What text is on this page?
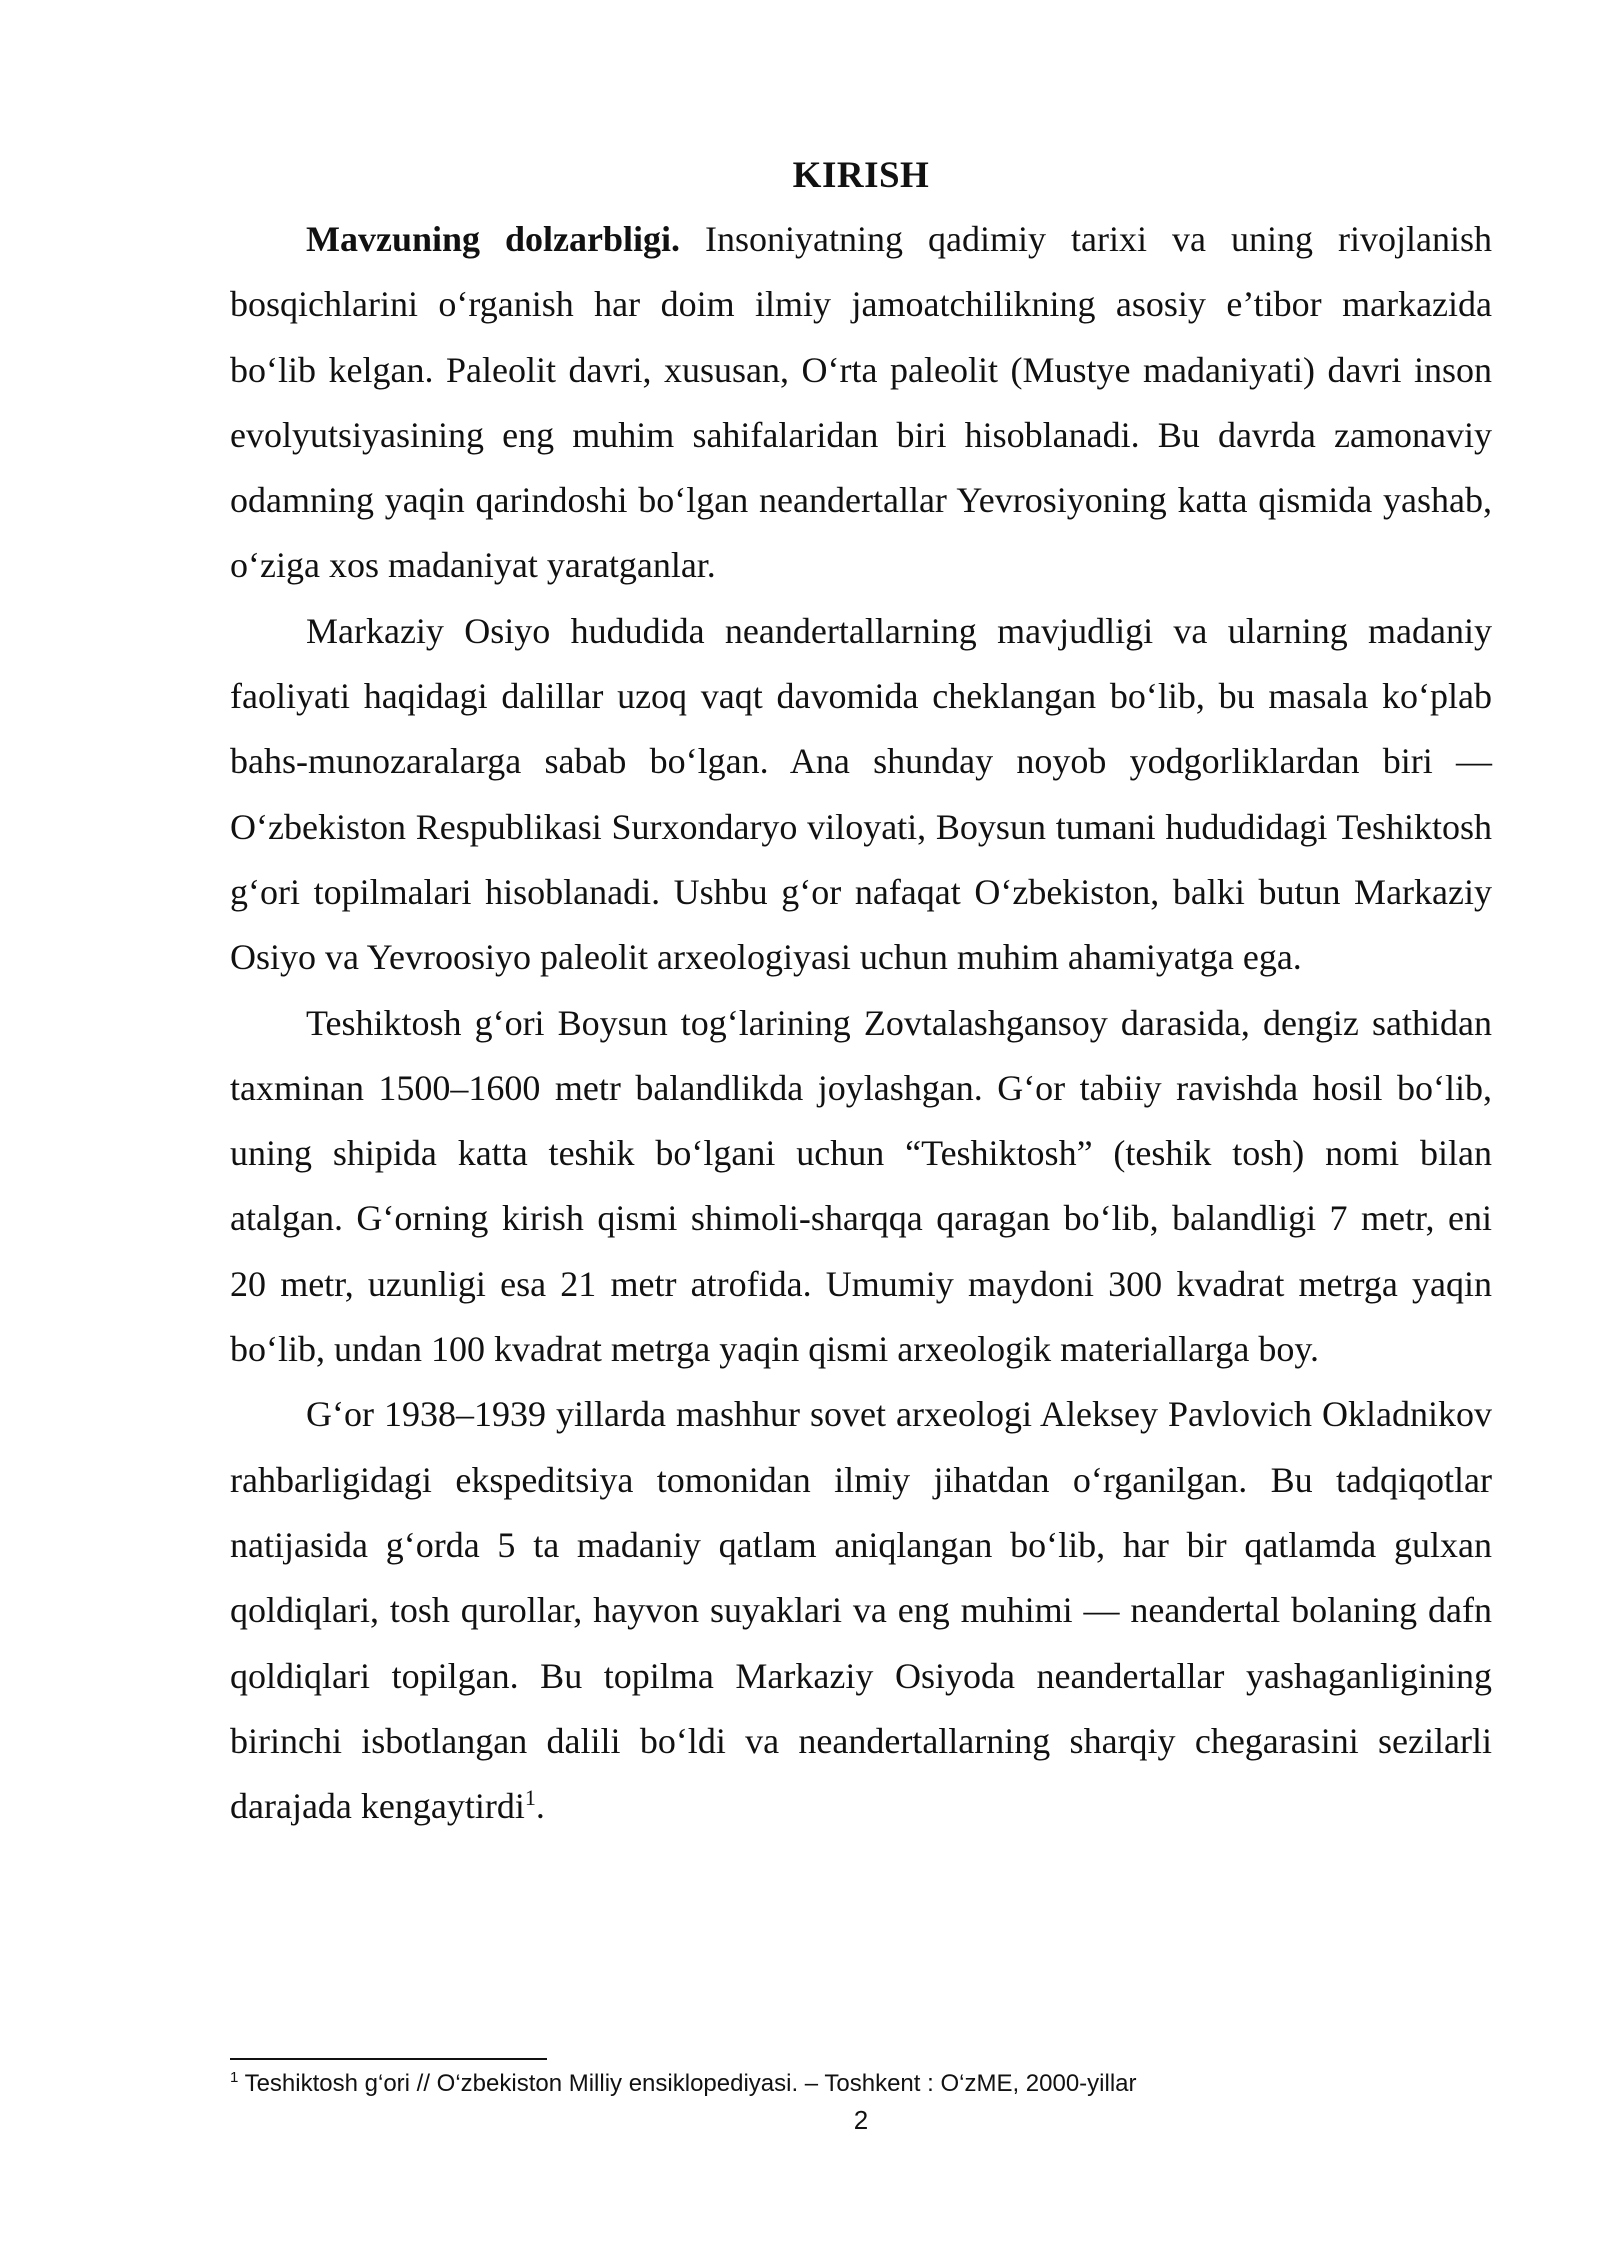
KIRISH

Mavzuning dolzarbligi. Insoniyatning qadimiy tarixi va uning rivojlanish bosqichlarini o‘rganish har doim ilmiy jamoatchilikning asosiy e’tibor markazida bo‘lib kelgan. Paleolit davri, xususan, O‘rta paleolit (Mustye madaniyati) davri inson evolyutsiyasining eng muhim sahifalaridan biri hisoblanadi. Bu davrda zamonaviy odamning yaqin qarindoshi bo‘lgan neandertallar Yevrosiyoning katta qismida yashab, o‘ziga xos madaniyat yaratganlar.

Markaziy Osiyo hududida neandertallarning mavjudligi va ularning madaniy faoliyati haqidagi dalillar uzoq vaqt davomida cheklangan bo‘lib, bu masala ko‘plab bahs-munozaralarga sabab bo‘lgan. Ana shunday noyob yodgorliklardan biri — O‘zbekiston Respublikasi Surxondaryo viloyati, Boysun tumani hududidagi Teshiktosh g‘ori topilmalari hisoblanadi. Ushbu g‘or nafaqat O‘zbekiston, balki butun Markaziy Osiyo va Yevroosiyo paleolit arxeologiyasi uchun muhim ahamiyatga ega.

Teshiktosh g‘ori Boysun tog‘larining Zovtalashgansoy darasida, dengiz sathidan taxminan 1500–1600 metr balandlikda joylashgan. G‘or tabiiy ravishda hosil bo‘lib, uning shipida katta teshik bo‘lgani uchun “Teshiktosh” (teshik tosh) nomi bilan atalgan. G‘orning kirish qismi shimoli-sharqqa qaragan bo‘lib, balandligi 7 metr, eni 20 metr, uzunligi esa 21 metr atrofida. Umumiy maydoni 300 kvadrat metrga yaqin bo‘lib, undan 100 kvadrat metrga yaqin qismi arxeologik materiallarga boy.

G‘or 1938–1939 yillarda mashhur sovet arxeologi Aleksey Pavlovich Okladnikov rahbarligidagi ekspeditsiya tomonidan ilmiy jihatdan o‘rganilgan. Bu tadqiqotlar natijasida g‘orda 5 ta madaniy qatlam aniqlangan bo‘lib, har bir qatlamda gulxan qoldiqlari, tosh qurollar, hayvon suyaklari va eng muhimi — neandertal bolaning dafn qoldiqlari topilgan. Bu topilma Markaziy Osiyoda neandertallar yashaganligining birinchi isbotlangan dalili bo‘ldi va neandertallarning sharqiy chegarasini sezilarli darajada kengaytirdi$^1$.

$^1$ Teshiktosh g‘ori // O‘zbekiston Milliy ensiklopediyasi. – Toshkent : O‘zME, 2000-yillar

2
